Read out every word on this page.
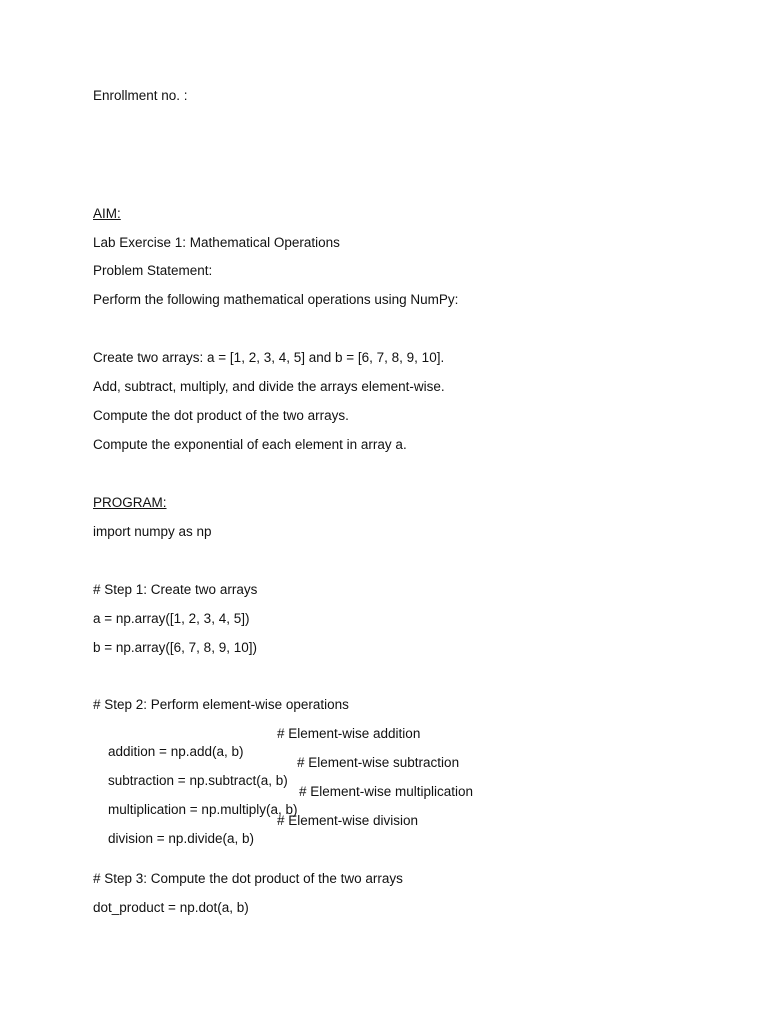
Enrollment no. :

AIM:

Lab Exercise 1: Mathematical Operations

Problem Statement:

Perform the following mathematical operations using NumPy:

Create two arrays: a = [1, 2, 3, 4, 5] and b = [6, 7, 8, 9, 10].

Add, subtract, multiply, and divide the arrays element-wise.

Compute the dot product of the two arrays.

Compute the exponential of each element in array a.

PROGRAM:

import numpy as np

# Step 1: Create two arrays

a = np.array([1, 2, 3, 4, 5])

b = np.array([6, 7, 8, 9, 10])

# Step 2: Perform element-wise operations

addition = np.add(a, b)

# Element-wise addition

subtraction = np.subtract(a, b)

# Element-wise subtraction

multiplication = np.multiply(a, b)

# Element-wise multiplication

division = np.divide(a, b)

# Element-wise division

# Step 3: Compute the dot product of the two arrays

dot_product = np.dot(a, b)
